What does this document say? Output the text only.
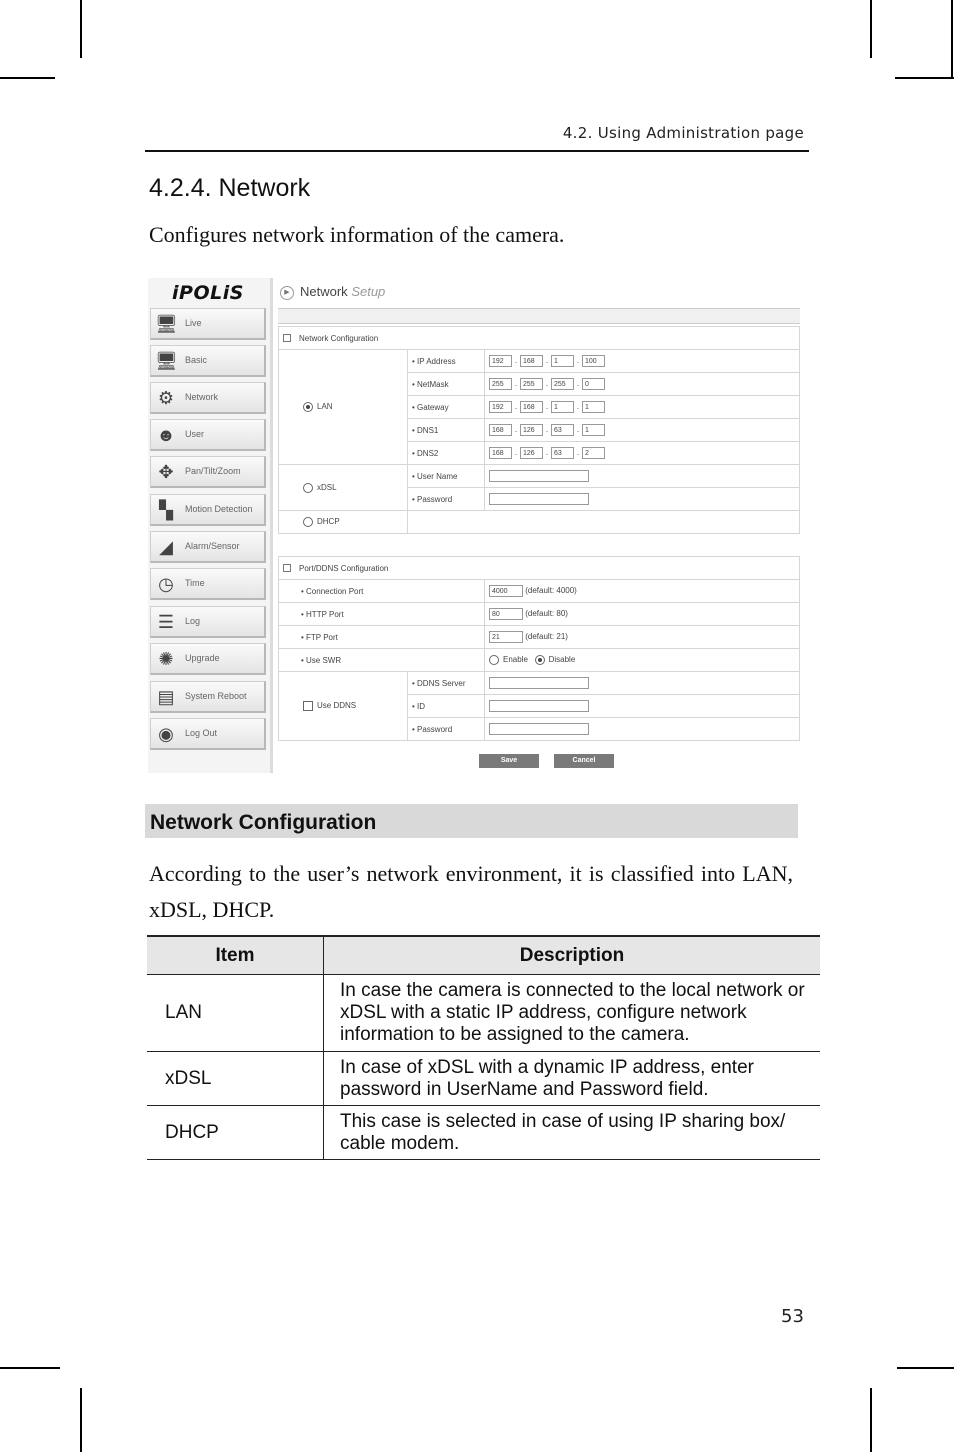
4.2. Using Administration page
4.2.4. Network
Configures network information of the camera.
iPOLiS
🖥 Live
🖥 Basic
⚙	Network
☻ User
✥	Pan/Tilt/Zoom
▚	Motion Detection
◢	Alarm/Sensor
◷	Time
☰	Log
✺	Upgrade
▤ System Reboot
◉	Log Out
▶ Network Setup
Network Configuration		
LAN	• IP Address	192 . 168 . 1 . 100
	• NetMask	255 . 255 . 255 . 0
	• Gateway	192 . 168 . 1 . 1
	• DNS1	168 . 126 . 63 . 1
	• DNS2	168 . 126 . 63 . 2
xDSL	• User Name	
	• Password	
DHCP		

Port/DDNS Configuration		
• Connection Port		4000 (default: 4000)
• HTTP Port		80 (default: 80)
• FTP Port		21 (default: 21)
• Use SWR		Enable Disable
Use DDNS	• DDNS Server	
	• ID	
	• Password	
Save	Cancel
Network Configuration
According to the user’s network environment, it is classified into LAN, xDSL, DHCP.
Item	Description
LAN	In case the camera is connected to the local network or xDSL with a static IP address, configure network information to be assigned to the camera.
xDSL	In case of xDSL with a dynamic IP address, enter password in UserName and Password field.
DHCP	This case is selected in case of using IP sharing box/ cable modem.
53
